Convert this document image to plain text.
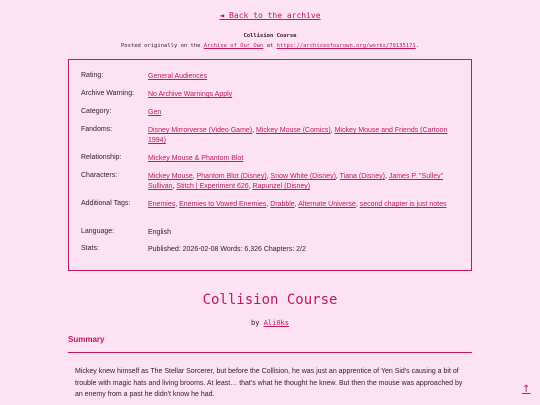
◄ Back to the archive
Collision Course
Posted originally on the Archive of Our Own at https://archiveofourown.org/works/79135171.
Rating:	General Audiences
Archive Warning:	No Archive Warnings Apply
Category:	Gen
Fandoms:	Disney Mirrorverse (Video Game), Mickey Mouse (Comics), Mickey Mouse and Friends (Cartoon 1994)
Relationship:	Mickey Mouse & Phantom Blot
Characters:	Mickey Mouse, Phantom Blot (Disney), Snow White (Disney), Tiana (Disney), James P. "Sulley" Sullivan, Stitch | Experiment 626, Rapunzel (Disney)
Additional Tags:	Enemies, Enemies to Vowed Enemies, Drabble, Alternate Universe, second chapter is just notes
Language:	English
Stats:	Published: 2026-02-08 Words: 6,326 Chapters: 2/2
Collision Course
by Ali0ks
Summary
Mickey knew himself as The Stellar Sorcerer, but before the Collision, he was just an apprentice of Yen Sid's causing a bit of trouble with magic hats and living brooms. At least… that's what he thought he knew. But then the mouse was approached by an enemy from a past he didn't know he had.	↑
